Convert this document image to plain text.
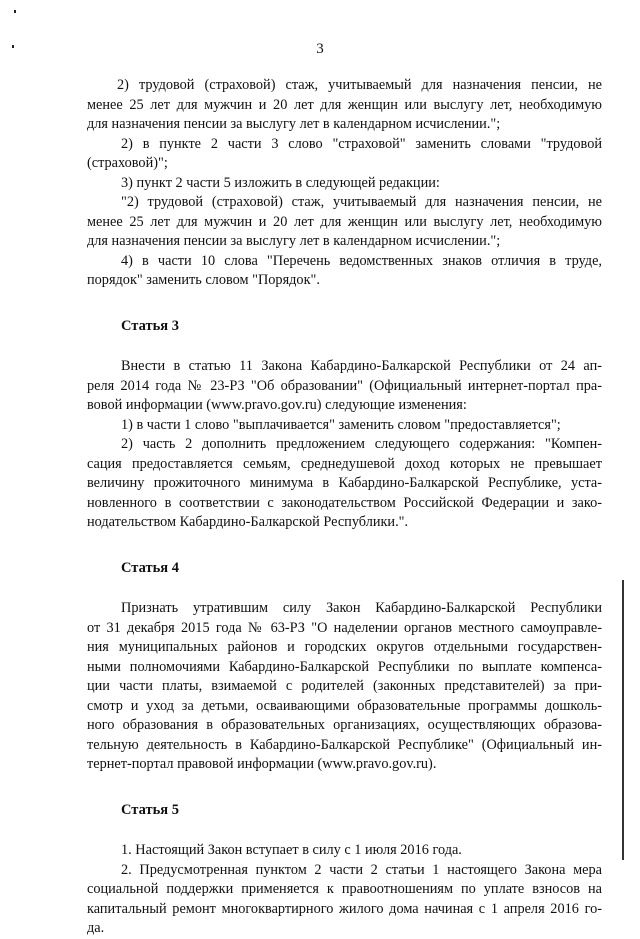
3
2) трудовой (страховой) стаж, учитываемый для назначения пенсии, не
менее 25 лет для мужчин и 20 лет для женщин или выслугу лет, необходимую
для назначения пенсии за выслугу лет в календарном исчислении.";
2) в пункте 2 части 3 слово "страховой" заменить словами "трудовой
(страховой)";
3) пункт 2 части 5 изложить в следующей редакции:
"2) трудовой (страховой) стаж, учитываемый для назначения пенсии, не
менее 25 лет для мужчин и 20 лет для женщин или выслугу лет, необходимую
для назначения пенсии за выслугу лет в календарном исчислении.";
4) в части 10 слова "Перечень ведомственных знаков отличия в труде,
порядок" заменить словом "Порядок".
Статья 3
Внести в статью 11 Закона Кабардино-Балкарской Республики от 24 ап-
реля 2014 года № 23-РЗ "Об образовании" (Официальный интернет-портал пра-
вовой информации (www.pravo.gov.ru) следующие изменения:
1) в части 1 слово "выплачивается" заменить словом "предоставляется";
2) часть 2 дополнить предложением следующего содержания: "Компен-
сация предоставляется семьям, среднедушевой доход которых не превышает
величину прожиточного минимума в Кабардино-Балкарской Республике, уста-
новленного в соответствии с законодательством Российской Федерации и зако-
нодательством Кабардино-Балкарской Республики.".
Статья 4
Признать утратившим силу Закон Кабардино-Балкарской Республики
от 31 декабря 2015 года № 63-РЗ "О наделении органов местного самоуправле-
ния муниципальных районов и городских округов отдельными государствен-
ными полномочиями Кабардино-Балкарской Республики по выплате компенса-
ции части платы, взимаемой с родителей (законных представителей) за при-
смотр и уход за детьми, осваивающими образовательные программы дошколь-
ного образования в образовательных организациях, осуществляющих образова-
тельную деятельность в Кабардино-Балкарской Республике" (Официальный ин-
тернет-портал правовой информации (www.pravo.gov.ru).
Статья 5
1. Настоящий Закон вступает в силу с 1 июля 2016 года.
2. Предусмотренная пунктом 2 части 2 статьи 1 настоящего Закона мера
социальной поддержки применяется к правоотношениям по уплате взносов на
капитальный ремонт многоквартирного жилого дома начиная с 1 апреля 2016 го-
да.
